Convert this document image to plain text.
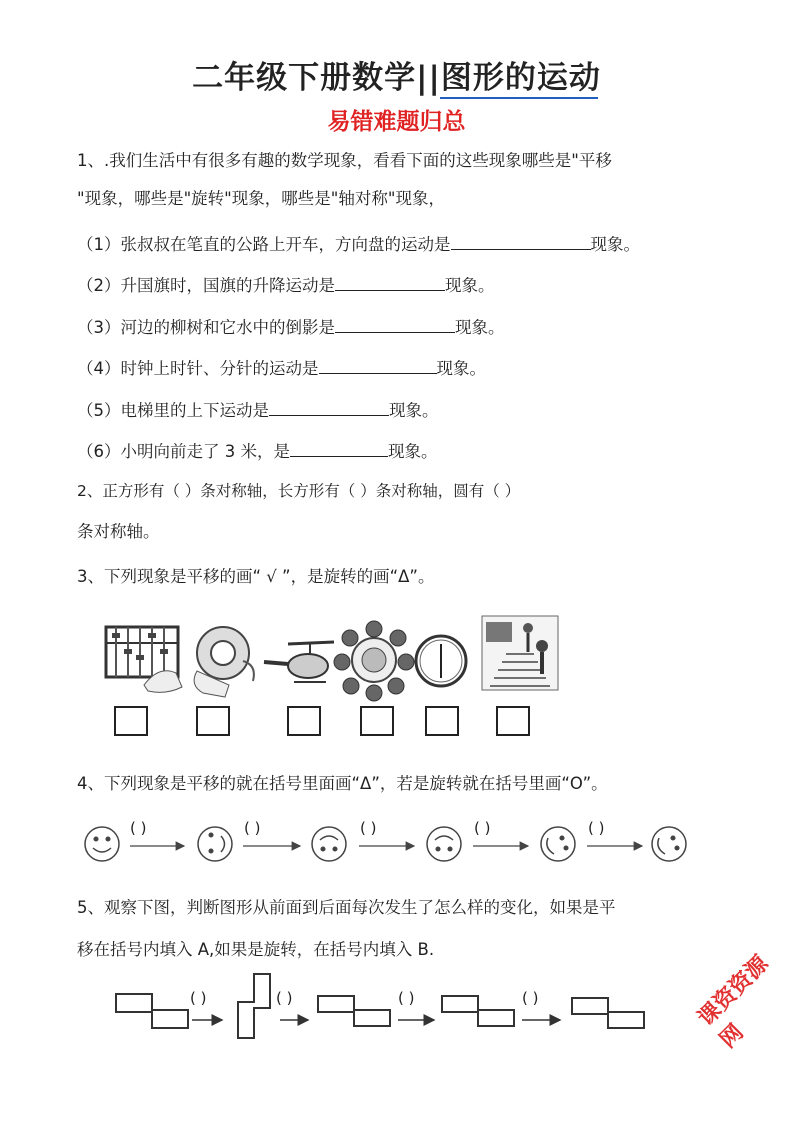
二年级下册数学||图形的运动
易错难题归总
1、.我们生活中有很多有趣的数学现象，看看下面的这些现象哪些是"平移
"现象，哪些是"旋转"现象，哪些是"轴对称"现象，
（1）张叔叔在笔直的公路上开车，方向盘的运动是	现象。
（2）升国旗时，国旗的升降运动是	现象。
（3）河边的柳树和它水中的倒影是	现象。
（4）时钟上时针、分针的运动是	现象。
（5）电梯里的上下运动是	现象。
（6）小明向前走了 3 米，是	现象。
2、正方形有（ ）条对称轴，长方形有（ ）条对称轴，圆有（ ）
条对称轴。
3、下列现象是平移的画“ √ ”，是旋转的画“Δ”。
4、下列现象是平移的就在括号里面画“Δ”，若是旋转就在括号里画“O”。
( )	( )	( )	( )	( )
5、观察下图，判断图形从前面到后面每次发生了怎么样的变化，如果是平
移在括号内填入 A,如果是旋转，在括号内填入 B.
( )	( )	( )	( )	课资资源网
